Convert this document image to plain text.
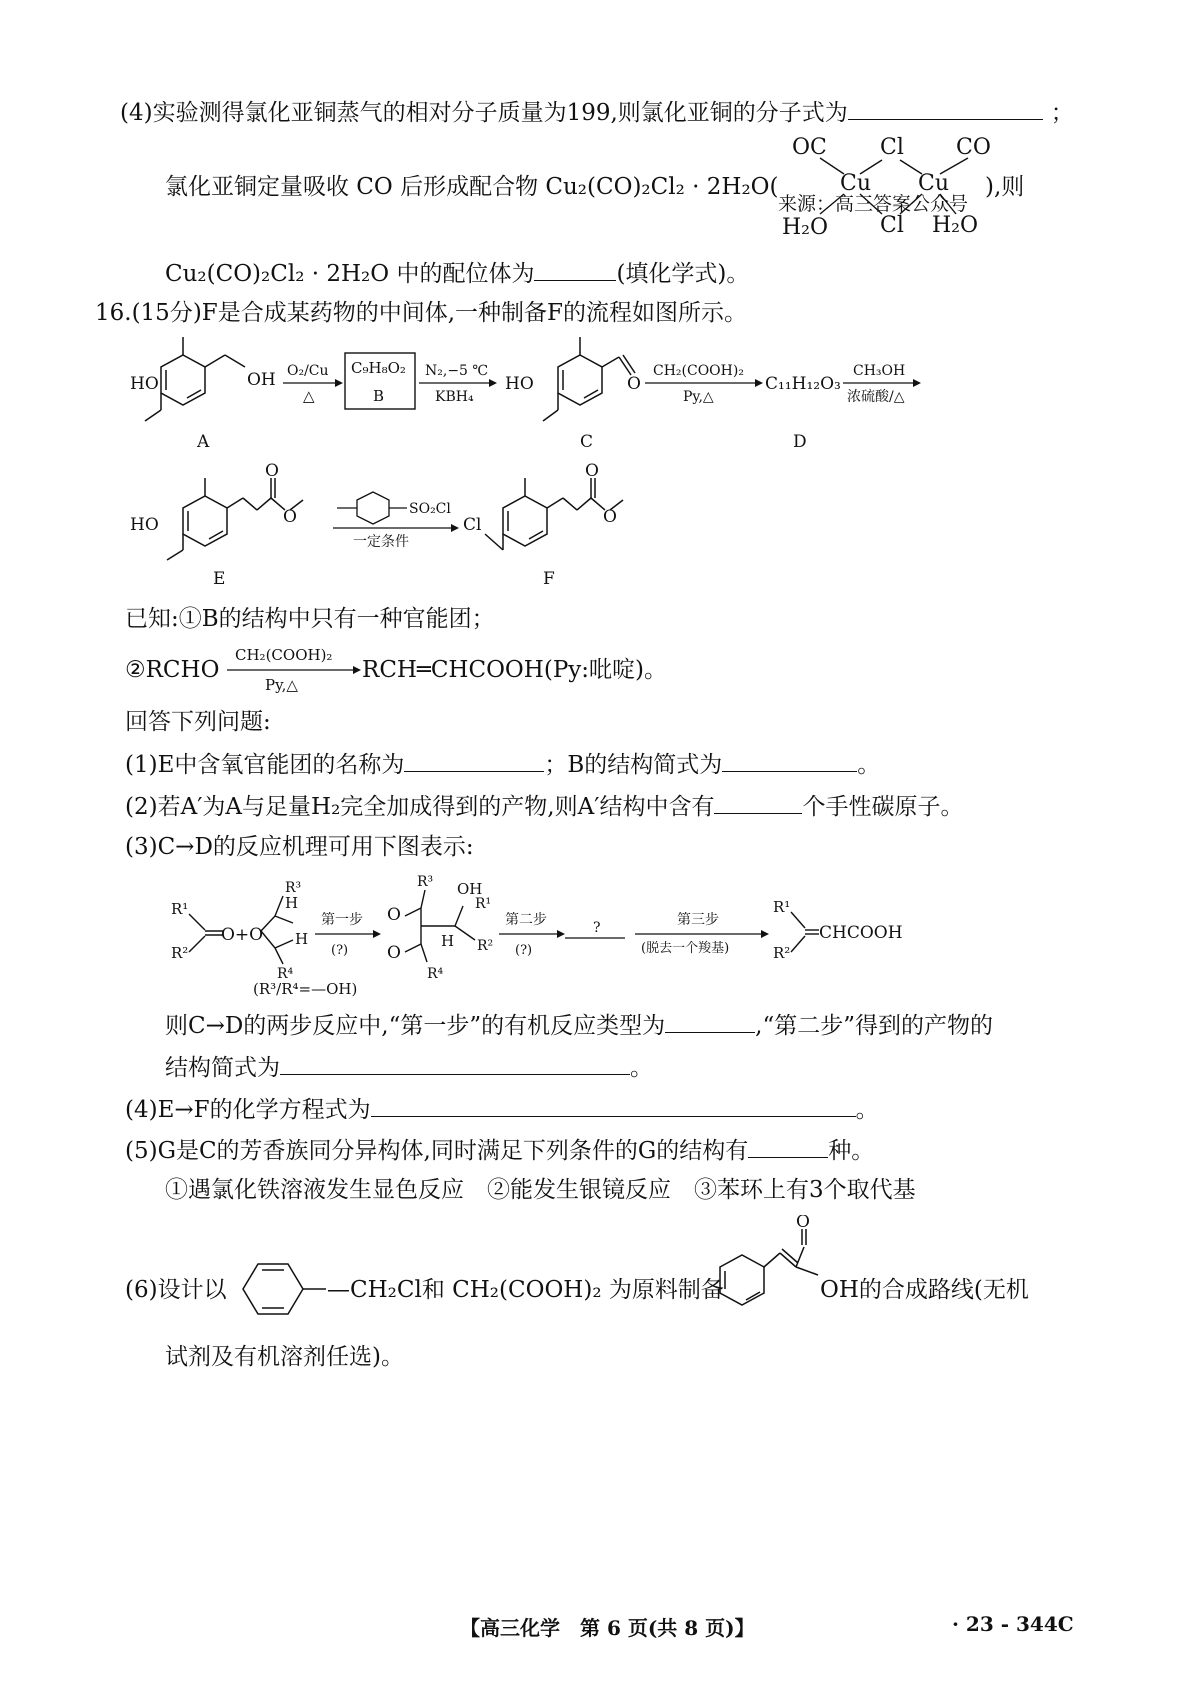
(4)实验测得氯化亚铜蒸气的相对分子质量为199,则氯化亚铜的分子式为	；
氯化亚铜定量吸收 CO 后形成配合物 Cu₂(CO)₂Cl₂ · 2H₂O(
OC Cl CO
Cu Cu
来源：高三答案公众号
H₂O Cl H₂O
),则
Cu₂(CO)₂Cl₂ · 2H₂O 中的配位体为	(填化学式)。
16.(15分)F是合成某药物的中间体,一种制备F的流程如图所示。
HO	OH O₂/Cu
△
C₉H₈O₂
B
N₂,−5 ℃
KBH₄
HO	O
CH₂(COOH)₂
Py,△
C₁₁H₁₂O₃
CH₃OH
浓硫酸/△
A	C	D
HO
O
O	SO₂Cl
一定条件
Cl
O
O
E	F
已知:①B的结构中只有一种官能团；
②RCHO
CH₂(COOH)₂
Py,△
RCH═CHCOOH(Py:吡啶)。
回答下列问题:
(1)E中含氧官能团的名称为	；B的结构简式为	。
(2)若A′为A与足量H₂完全加成得到的产物,则A′结构中含有	个手性碳原子。
(3)C→D的反应机理可用下图表示:
R¹
R²
O+O
R³
H
H
R⁴
第一步
(?)
O
O
R³ OH
R¹
H
R⁴
R²
第二步
(?)
?	第三步
(脱去一个羧基)
R¹
R²
CHCOOH
(R³/R⁴=—OH)
则C→D的两步反应中,“第一步”的有机反应类型为	,“第二步”得到的产物的
结构简式为	。
(4)E→F的化学方程式为	。
(5)G是C的芳香族同分异构体,同时满足下列条件的G的结构有	种。
①遇氯化铁溶液发生显色反应　②能发生银镜反应　③苯环上有3个取代基
(6)设计以	—CH₂Cl和 CH₂(COOH)₂ 为原料制备
O
OH的合成路线(无机
试剂及有机溶剂任选)。
【高三化学　第 6 页(共 8 页)】	· 23 - 344C
